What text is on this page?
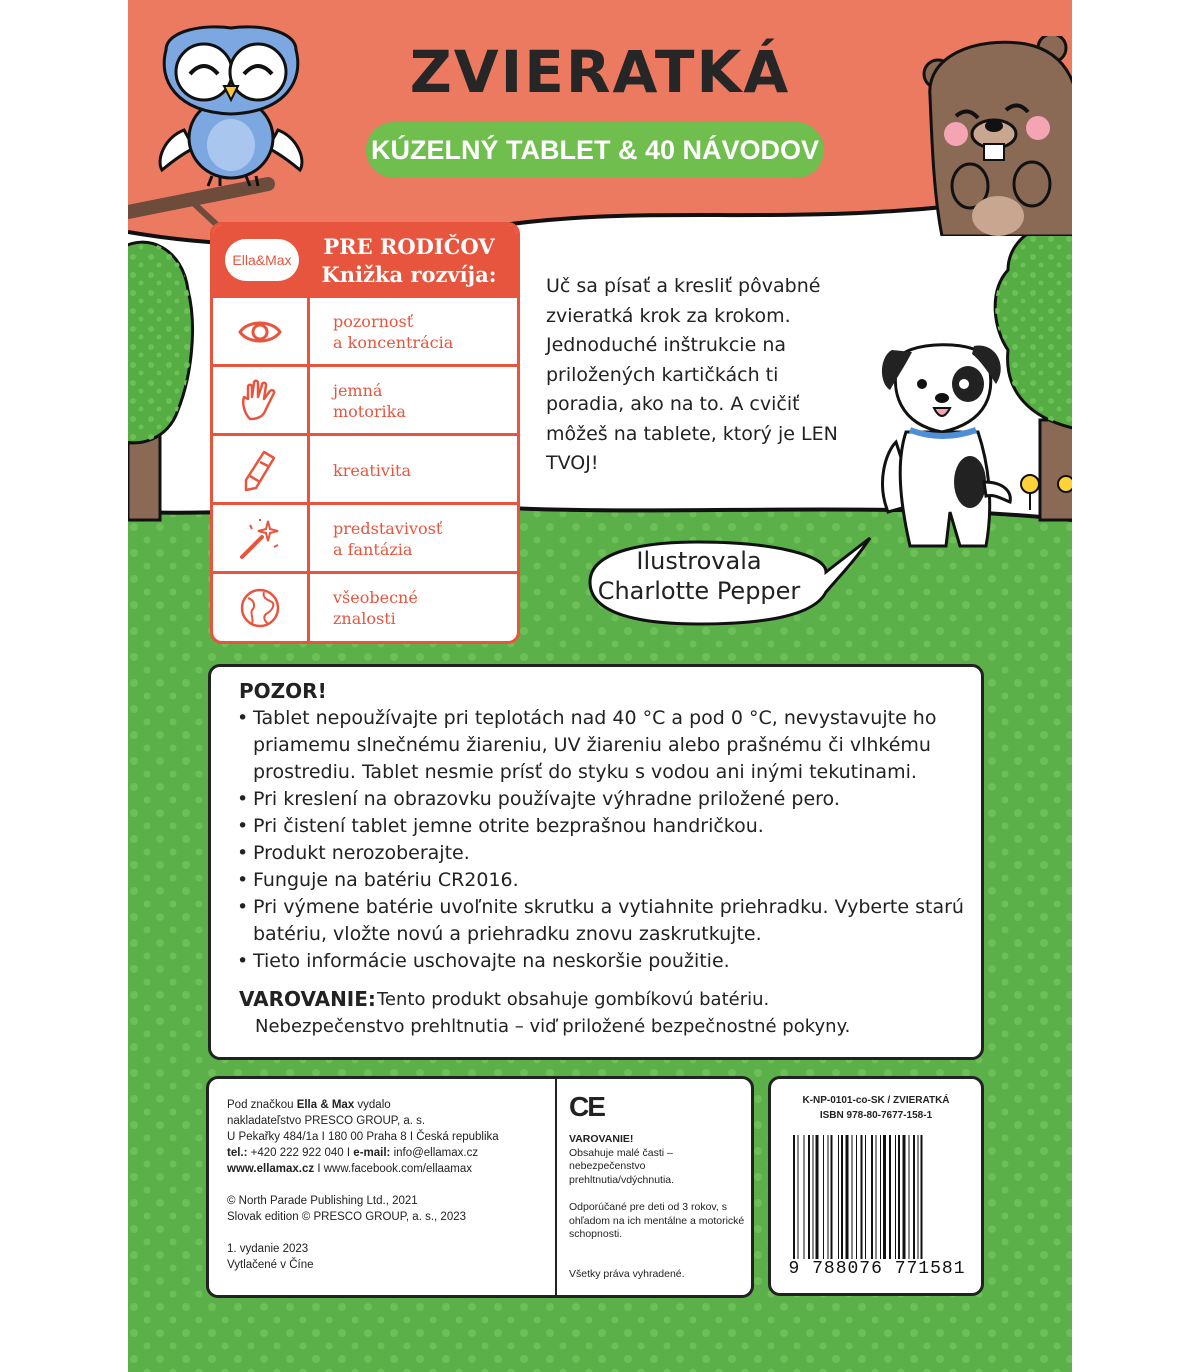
Ilustrovala
Charlotte Pepper
ZVIERATKÁ
KÚZELNÝ TABLET & 40 NÁVODOV
Ella&Max
PRE RODIČOV
Knižka rozvíja:
pozornosť
a koncentrácia
jemná
motorika
kreativita
predstavivosť
a fantázia
všeobecné
znalosti
Uč sa písať a kresliť pôvabné zvieratká krok za krokom. Jednoduché inštrukcie na priložených kartičkách ti poradia, ako na to. A cvičiť môžeš na tablete, ktorý je LEN TVOJ!
POZOR!
• Tablet nepoužívajte pri teplotách nad 40 °C a pod 0 °C, nevystavujte ho priamemu slnečnému žiareniu, UV žiareniu alebo prašnému či vlhkému prostrediu. Tablet nesmie prísť do styku s vodou ani inými tekutinami.
• Pri kreslení na obrazovku používajte výhradne priložené pero.
• Pri čistení tablet jemne otrite bezprašnou handričkou.
• Produkt nerozoberajte.
• Funguje na batériu CR2016.
• Pri výmene batérie uvoľnite skrutku a vytiahnite priehradku. Vyberte starú batériu, vložte novú a priehradku znovu zaskrutkujte.
• Tieto informácie uschovajte na neskoršie použitie.
VAROVANIE: Tento produkt obsahuje gombíkovú batériu.
Nebezpečenstvo prehltnutia – viď priložené bezpečnostné pokyny.

Pod značkou Ella & Max vydalo

nakladateľstvo PRESCO GROUP, a. s.

U Pekařky 484/1a I 180 00 Praha 8 I Česká republika

tel.: +420 222 922 040 I e-mail: info@ellamax.cz

www.ellamax.cz I www.facebook.com/ellaamax

© North Parade Publishing Ltd., 2021

Slovak edition © PRESCO GROUP, a. s., 2023

1. vydanie 2023

Vytlačené v Číne

CE

VAROVANIE!

Obsahuje malé časti – nebezpečenstvo prehltnutia/vdýchnutia.

Odporúčané pre deti od 3 rokov, s ohľadom na ich mentálne a motorické schopnosti.

Všetky práva vyhradené.

K-NP-0101-co-SK / ZVIERATKÁ
ISBN 978-80-7677-158-1
9 788076 771581
